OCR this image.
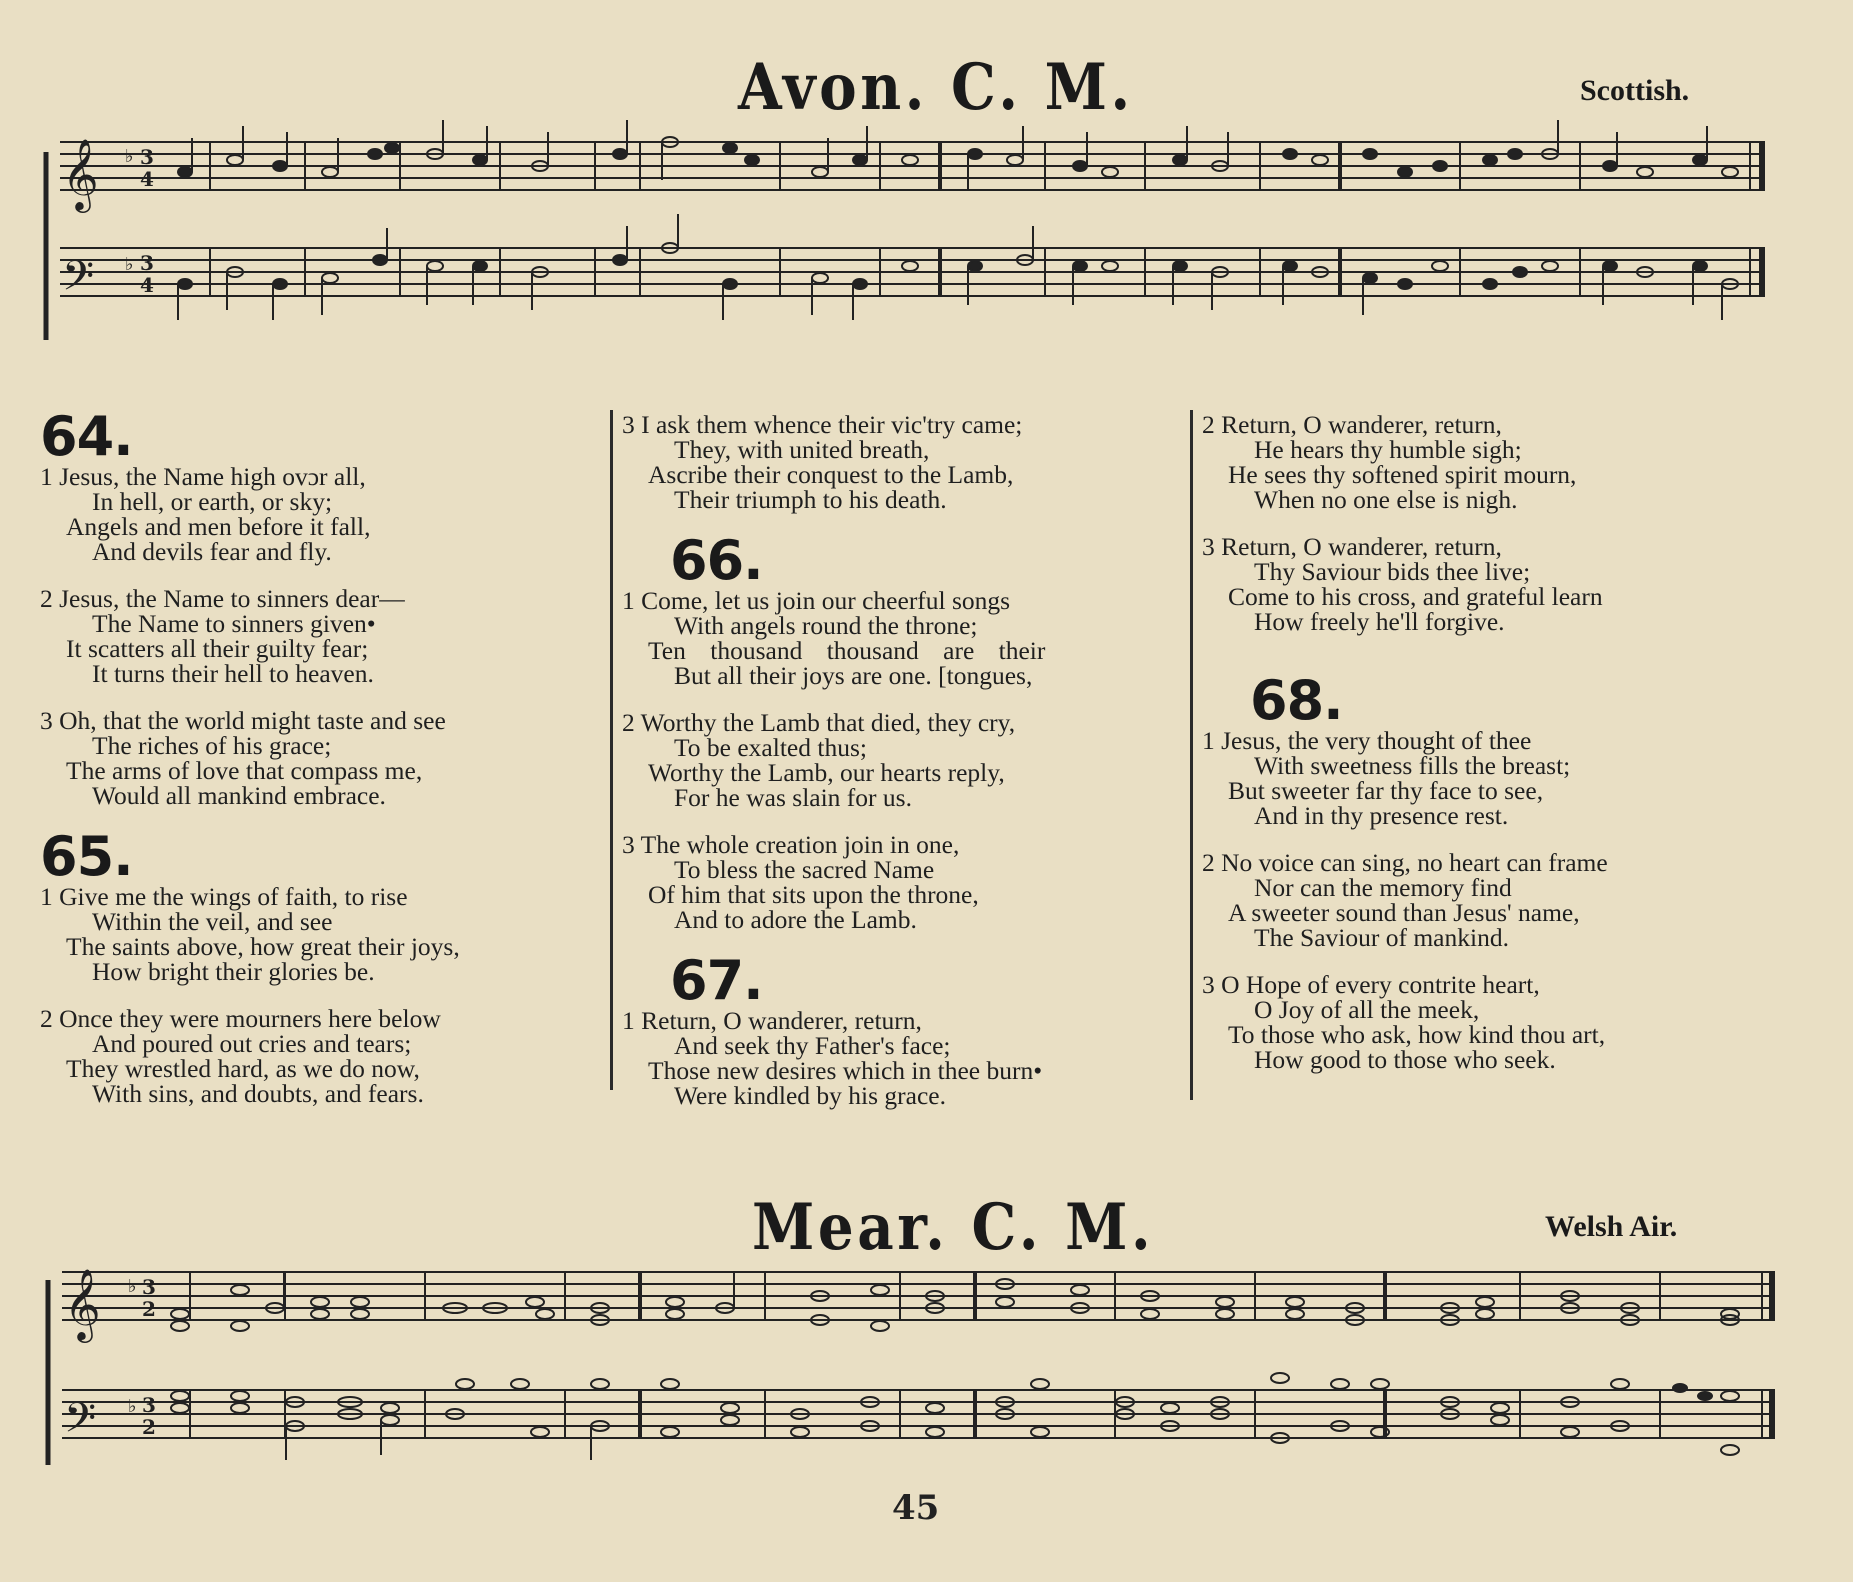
Avon. C. M.	Scottish.
𝄞
𝄢
♭
♭
3
4
3
4
64.
1 Jesus, the Name high ovɔr all,
In hell, or earth, or sky;
Angels and men before it fall,
And devils fear and fly.
2 Jesus, the Name to sinners dear—
The Name to sinners given•
It scatters all their guilty fear;
It turns their hell to heaven.
3 Oh, that the world might taste and see
The riches of his grace;
The arms of love that compass me,
Would all mankind embrace.
65.
1 Give me the wings of faith, to rise
Within the veil, and see
The saints above, how great their joys,
How bright their glories be.
2 Once they were mourners here below
And poured out cries and tears;
They wrestled hard, as we do now,
With sins, and doubts, and fears.
3 I ask them whence their vic'try came;
They, with united breath,
Ascribe their conquest to the Lamb,
Their triumph to his death.
66.
1 Come, let us join our cheerful songs
With angels round the throne;
Ten thousand thousand are their
But all their joys are one. [tongues,
2 Worthy the Lamb that died, they cry,
To be exalted thus;
Worthy the Lamb, our hearts reply,
For he was slain for us.
3 The whole creation join in one,
To bless the sacred Name
Of him that sits upon the throne,
And to adore the Lamb.
67.
1 Return, O wanderer, return,
And seek thy Father's face;
Those new desires which in thee burn•
Were kindled by his grace.
2 Return, O wanderer, return,
He hears thy humble sigh;
He sees thy softened spirit mourn,
When no one else is nigh.
3 Return, O wanderer, return,
Thy Saviour bids thee live;
Come to his cross, and grateful learn
How freely he'll forgive.
68.
1 Jesus, the very thought of thee
With sweetness fills the breast;
But sweeter far thy face to see,
And in thy presence rest.
2 No voice can sing, no heart can frame
Nor can the memory find
A sweeter sound than Jesus' name,
The Saviour of mankind.
3 O Hope of every contrite heart,
O Joy of all the meek,
To those who ask, how kind thou art,
How good to those who seek.
Mear. C. M.	Welsh Air.
𝄞
𝄢
♭
♭
3
2
3
2
45
